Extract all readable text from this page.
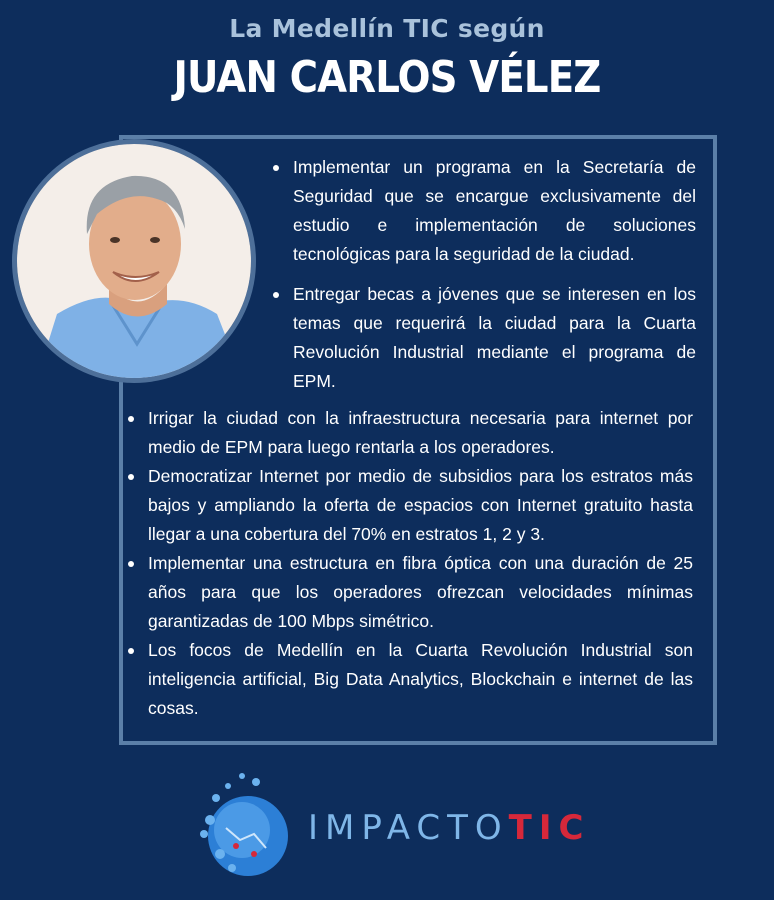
La Medellín TIC según
JUAN CARLOS VÉLEZ
Implementar un programa en la Secretaría de Seguridad que se encargue exclusivamente del estudio e implementación de soluciones tecnológicas para la seguridad de la ciudad.
Entregar becas a jóvenes que se interesen en los temas que requerirá la ciudad para la Cuarta Revolución Industrial mediante el programa de EPM.
Irrigar la ciudad con la infraestructura necesaria para internet por medio de EPM para luego rentarla a los operadores.
Democratizar Internet por medio de subsidios para los estratos más bajos y ampliando la oferta de espacios con Internet gratuito hasta llegar a una cobertura del 70% en estratos 1, 2 y 3.
Implementar una estructura en fibra óptica con una duración de 25 años para que los operadores ofrezcan velocidades mínimas garantizadas de 100 Mbps simétrico.
Los focos de Medellín en la Cuarta Revolución Industrial son inteligencia artificial, Big Data Analytics, Blockchain e internet de las cosas.
IMPACTOTIC
